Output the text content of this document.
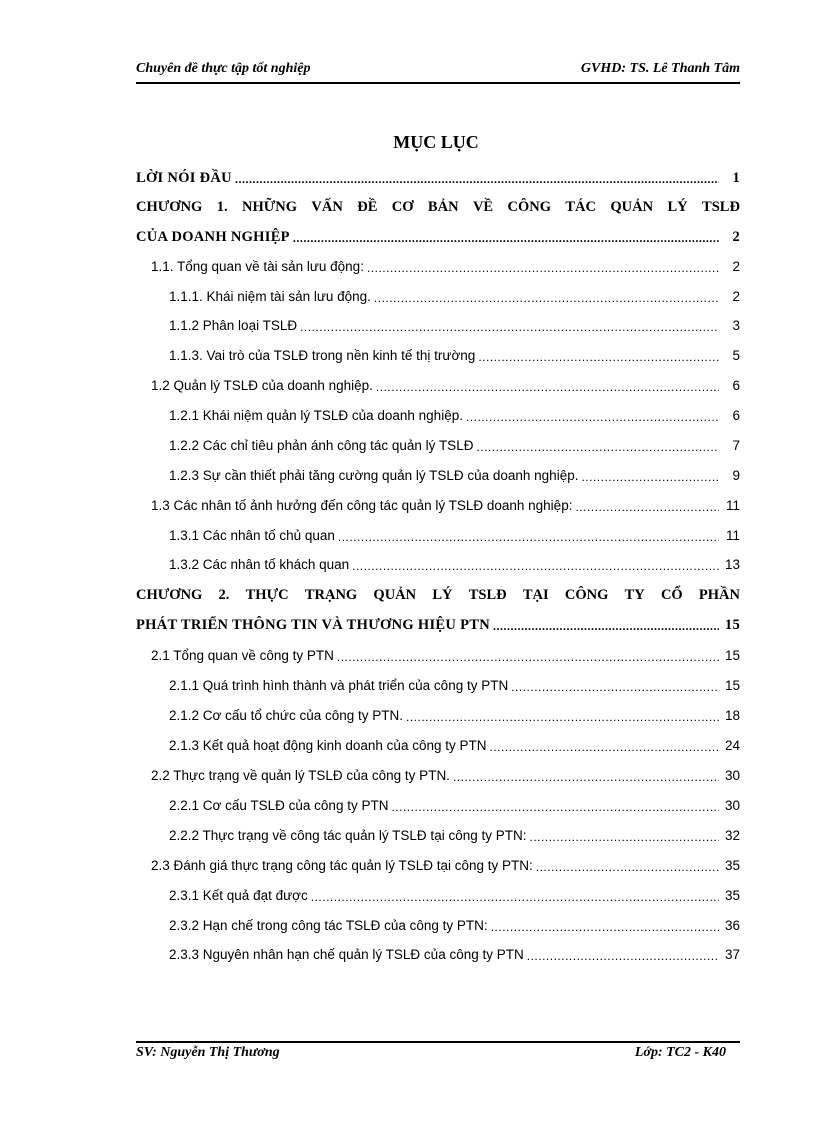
Chuyên đề thực tập tốt nghiệp	GVHD: TS. Lê Thanh Tâm
MỤC LỤC
LỜI NÓI ĐẦU .....	1
CHƯƠNG 1. NHỮNG VẤN ĐỀ CƠ BẢN VỀ CÔNG TÁC QUẢN LÝ TSLĐ
CỦA DOANH NGHIỆP .....	2
1.1. Tổng quan về tài sản lưu động: .....	2
1.1.1. Khái niệm tài sản lưu động. .....	2
1.1.2 Phân loại TSLĐ .....	3
1.1.3. Vai trò của TSLĐ trong nền kinh tế thị trường .....	5
1.2 Quản lý TSLĐ của doanh nghiệp. .....	6
1.2.1 Khái niệm quản lý TSLĐ của doanh nghiệp. .....	6
1.2.2 Các chỉ tiêu phản ánh công tác quản lý TSLĐ .....	7
1.2.3 Sự cần thiết phải tăng cường quản lý TSLĐ của doanh nghiệp. .....	9
1.3 Các nhân tố ảnh hưởng đến công tác quản lý TSLĐ doanh nghiệp: .....	11
1.3.1 Các nhân tố chủ quan .....	11
1.3.2 Các nhân tố khách quan .....	13
CHƯƠNG 2. THỰC TRẠNG QUẢN LÝ TSLĐ TẠI CÔNG TY CỔ PHẦN
PHÁT TRIỂN THÔNG TIN VÀ THƯƠNG HIỆU PTN .....	15
2.1 Tổng quan về công ty PTN .....	15
2.1.1 Quá trình hình thành và phát triển của công ty PTN .....	15
2.1.2 Cơ cấu tổ chức của công ty PTN. .....	18
2.1.3 Kết quả hoạt động kinh doanh của công ty PTN .....	24
2.2 Thực trạng về quản lý TSLĐ của công ty PTN. .....	30
2.2.1 Cơ cấu TSLĐ của công ty PTN .....	30
2.2.2 Thực trạng về công tác quản lý TSLĐ tại công ty PTN: .....	32
2.3 Đánh giá thực trạng công tác quản lý TSLĐ tại công ty PTN: .....	35
2.3.1 Kết quả đạt được .....	35
2.3.2 Hạn chế trong công tác TSLĐ của công ty PTN: .....	36
2.3.3 Nguyên nhân hạn chế quản lý TSLĐ của công ty PTN .....	37
SV: Nguyễn Thị Thương	Lớp: TC2 - K40
